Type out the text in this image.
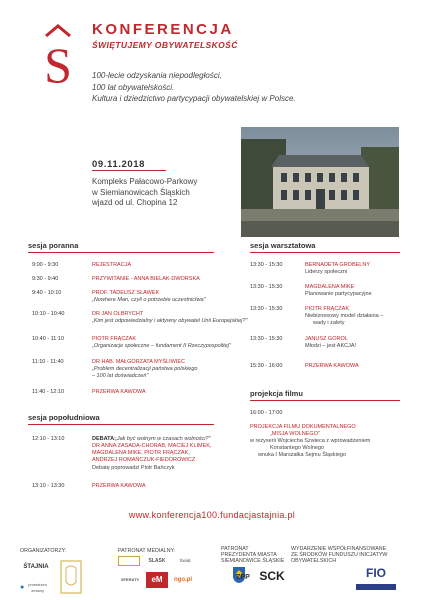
S
KONFERENCJA
ŚWIĘTUJEMY OBYWATELSKOŚĆ
100-lecie odzyskania niepodległości,
100 lat obywatelskości.
Kultura i dziedzictwo partycypacji obywatelskiej w Polsce.
09.11.2018
Kompleks Pałacowo-Parkowy
w Siemianowicach Śląskich
wjazd od ul. Chopina 12
sesja poranna
9:00 - 9:30	REJESTRACJA
9:30 - 9:40	PRZYWITANIE - ANNA BIELAK-DWORSKA
9:40 - 10:10	PROF. TADEUSZ SŁAWEK
„Nowhere Man, czyli o potrzebie uczestnictwa"
10:10 - 10:40	DR JAN OLBRYCHT
„Kim jest odpowiedzialny i aktywny obywatel Unii Europejskiej?"
10:40 - 11:10	PIOTR FRĄCZAK
„Organizacje społeczne – fundament II Rzeczypospolitej"
11:10 - 11:40	DR HAB. MAŁGORZATA MYŚLIWIEC
„Problem decentralizacji państwa polskiego
– 100 lat doświadczeń"
11:40 - 12:10	PRZERWA KAWOWA
sesja popołudniowa
12:10 - 13:10	DEBATA: „Jak być wolnym w czasach wolności?"
DR ANNA ZASADA-CHORAB, MACIEJ KLIMEK,
MAGDALENA MIKE, PIOTR FRĄCZAK,
ANDRZEJ ROMAŃCZUK-FIEDOROWICZ
Debatę poprowadzi Piotr Bańczyk
13:10 - 13:30	PRZERWA KAWOWA
sesja warsztatowa
13:30 - 15:30	BERNADETA GROBELNY
Liderzy społeczni
13:30 - 15:30	MAGDALENA MIKE
Planowanie partycypacyjne
13:30 - 15:30	PIOTR FRĄCZAK
Niebiznesowy model działania –
wady i zalety
13:30 - 15:30	JANUSZ GOROL
Młodzi – jest AKCJA!
15:30 - 16:00	PRZERWA KAWOWA
projekcja filmu
16:00 - 17:00
PROJEKCJA FILMU DOKUMENTALNEGO
„MISJA WOLNEGO"
w reżyserii Wojciecha Szwieca z wprowadzeniem
Konstantego Wolnego
wnuka I Marszałka Sejmu Śląskiego
www.konferencja100.fundacjastajnia.pl
ORGANIZATORZY:	PATRONAT MEDIALNY:	PATRONAT
PREZYDENTA MIASTA
SIEMIANOWICE ŚLĄSKIE
WYDARZENIE WSPÓŁFINANSOWANE
ZE ŚRODKÓW FUNDUSZU INICJATYW
OBYWATELSKICH
ŚTAJNIA
●	przestrzeń zmiany
SLASK	Świat
SFERATY	eM	ngo.pl	ZPP SCK	FIO
